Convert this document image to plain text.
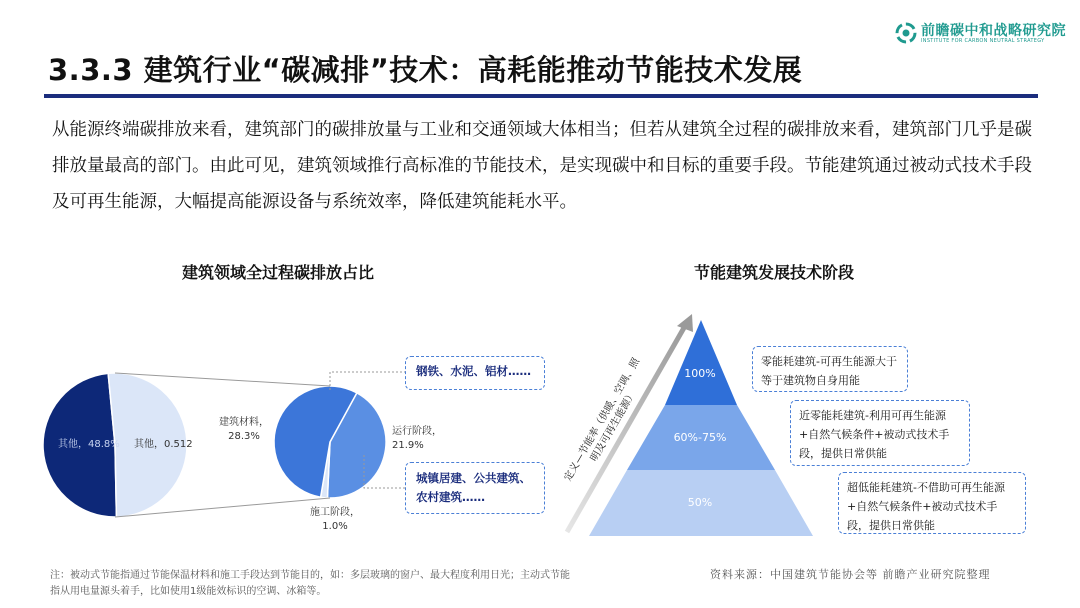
前瞻碳中和战略研究院
INSTITUTE FOR CARBON NEUTRAL STRATEGY
3.3.3 建筑行业“碳减排”技术：高耗能推动节能技术发展
从能源终端碳排放来看，建筑部门的碳排放量与工业和交通领域大体相当；但若从建筑全过程的碳排放来看，建筑部门几乎是碳排放量最高的部门。由此可见，建筑领域推行高标准的节能技术，是实现碳中和目标的重要手段。节能建筑通过被动式技术手段及可再生能源，大幅提高能源设备与系统效率，降低建筑能耗水平。
建筑领域全过程碳排放占比
其他，48.8% 其他，0.512
运行阶段，
21.9%
施工阶段，
1.0%
建筑材料，
28.3%
钢铁、水泥、铝材……
城镇居建、公共建筑、农村建筑……
节能建筑发展技术阶段
100%
60%-75%
50%
定义—节能率（供暖、空调、照明及可再生能源）
零能耗建筑-可再生能源大于等于建筑物自身用能
近零能耗建筑-利用可再生能源+自然气候条件+被动式技术手段，提供日常供能
超低能耗建筑-不借助可再生能源+自然气候条件+被动式技术手段，提供日常供能
注：被动式节能指通过节能保温材料和施工手段达到节能目的，如：多层玻璃的窗户、最大程度利用日光；主动式节能指从用电量源头着手，比如使用1级能效标识的空调、冰箱等。
资料来源：中国建筑节能协会等 前瞻产业研究院整理
